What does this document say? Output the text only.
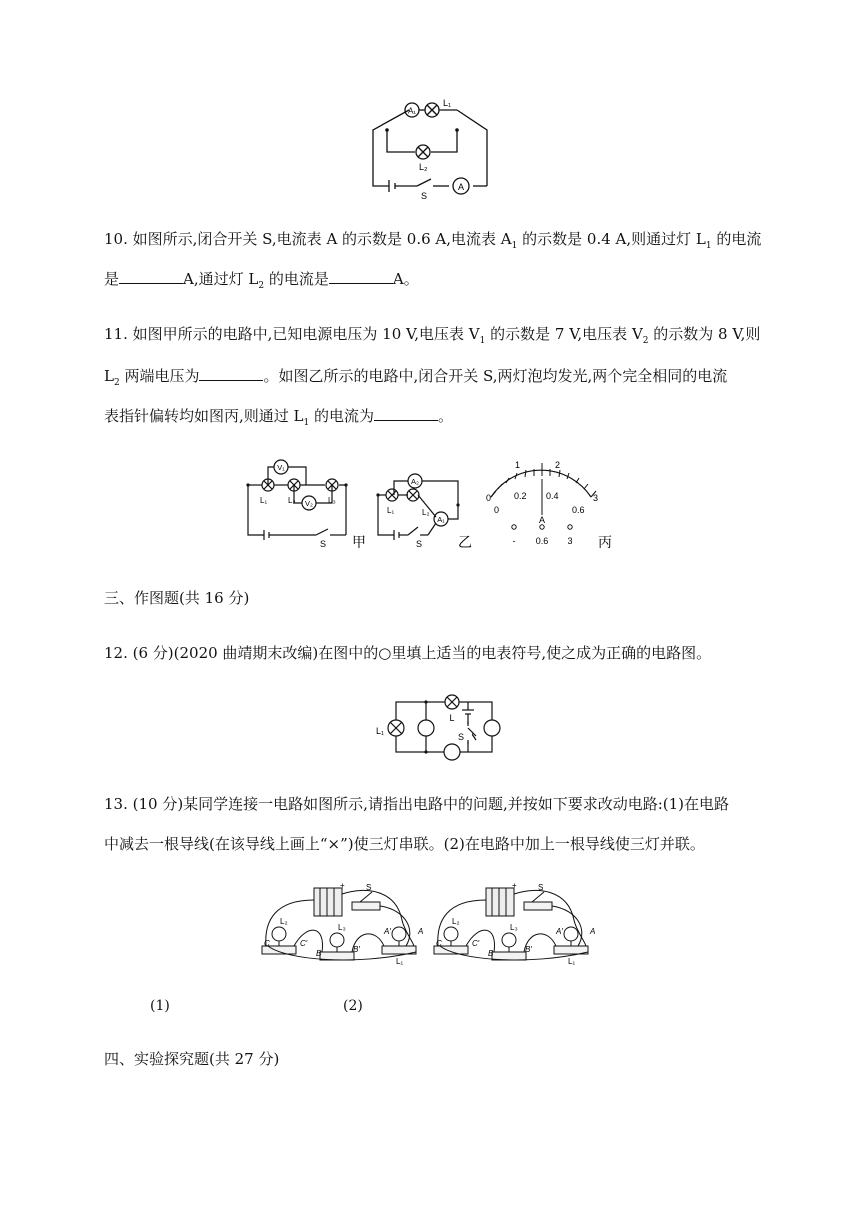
A₁
A
L₁
L₂
S
10. 如图所示,闭合开关 S,电流表 A 的示数是 0.6 A,电流表 $A_1$ 的示数是 0.4 A,则通过灯 $L_1$ 的电流
是	A,通过灯 $L_2$ 的电流是	A。
11. 如图甲所示的电路中,已知电源电压为 10 V,电压表 $V_1$ 的示数是 7 V,电压表 $V_2$ 的示数为 8 V,则
$L_2$ 两端电压为	。如图乙所示的电路中,闭合开关 S,两灯泡均发光,两个完全相同的电流
表指针偏转均如图丙,则通过 $L_1$ 的电流为	。
V₁
V₂
L₁	L₂	L₃
S 甲
A₂
A₁
L₁	L₂
S	乙
0
1	2
3
0
0.2 0.4
0.6
A
- 0.6 3 丙
三、作图题(共 16 分)
12. (6 分)(2020 曲靖期末改编)在图中的○里填上适当的电表符号,使之成为正确的电路图。
L₁
L
S
13. (10 分)某同学连接一电路如图所示,请指出电路中的问题,并按如下要求改动电路:(1)在电路
中减去一根导线(在该导线上画上“×”)使三灯串联。(2)在电路中加上一根导线使三灯并联。
C	C′
B	B′
A′	A
C	C′
B	B′
A′	A
L₂
L₃
L₁
S
+
L₂
L₃
L₁
S
+
(1)	(2)
四、实验探究题(共 27 分)
